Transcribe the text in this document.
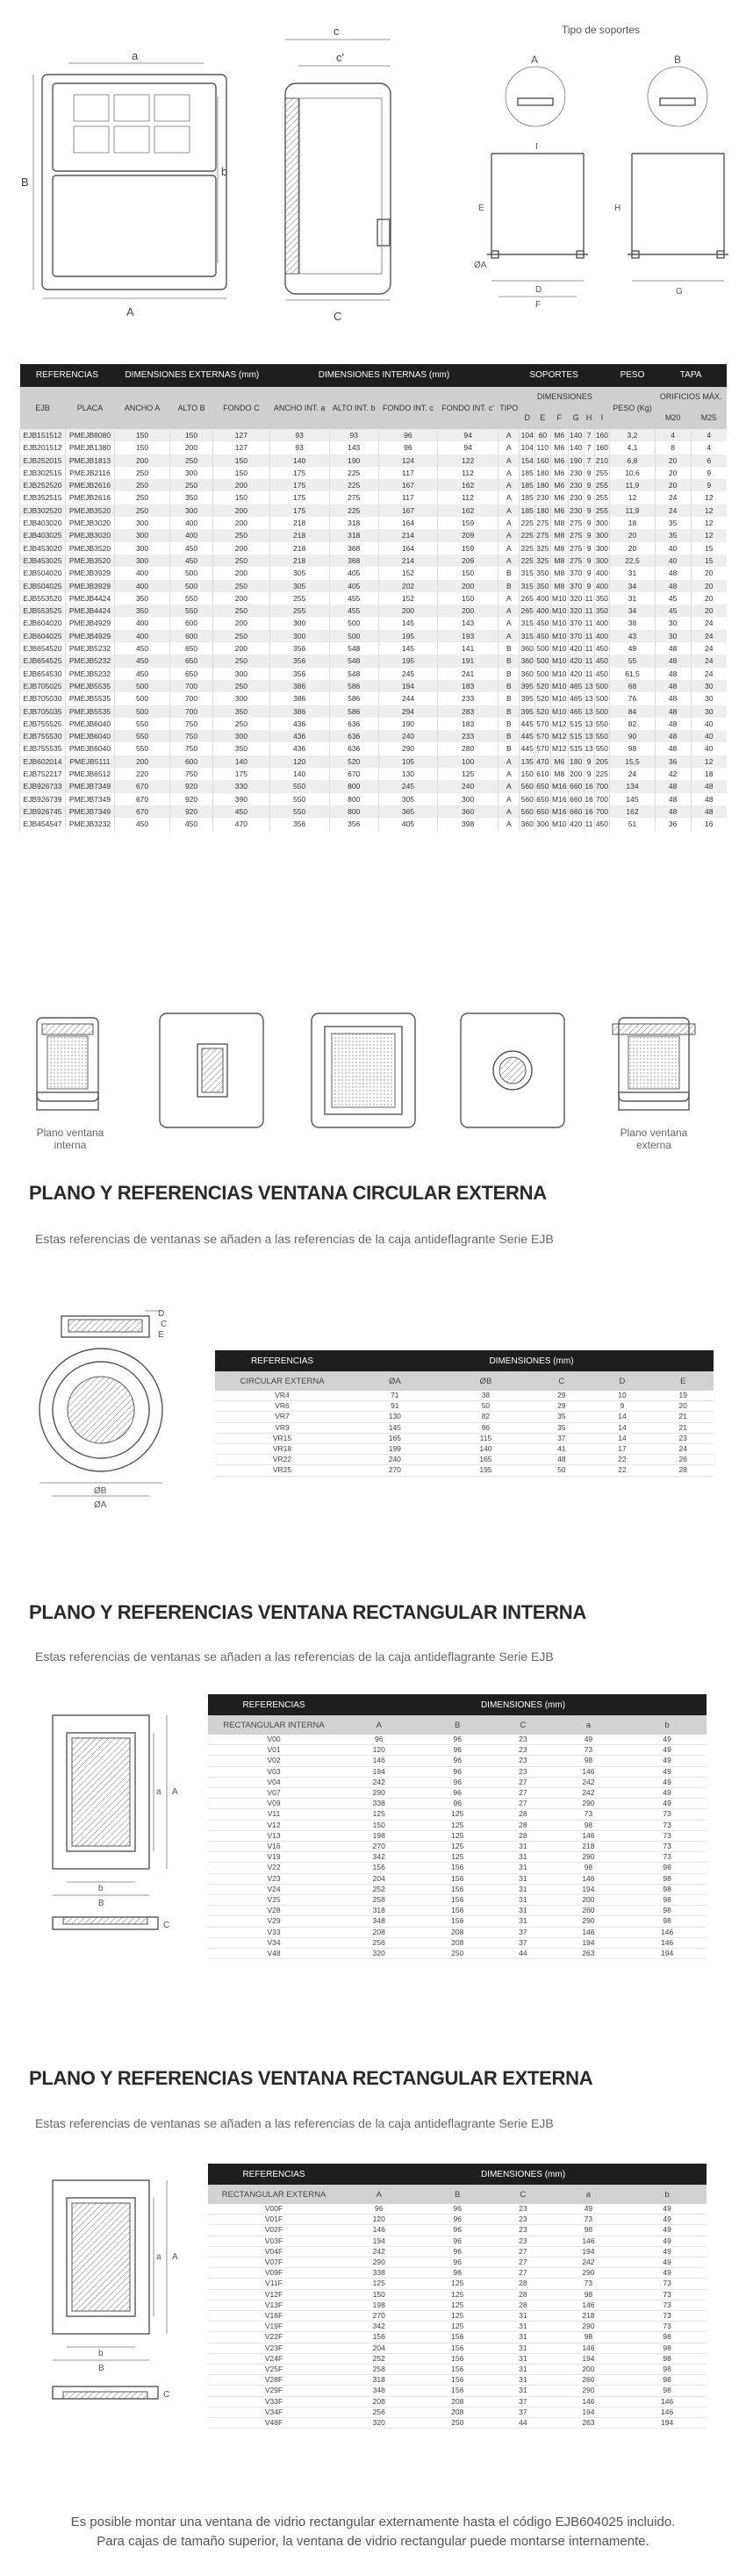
a
B
b
A
c
c'
C
Tipo de soportes
A	B
I
E
D
F
G
H
ØA
REFERENCIAS		DIMENSIONES EXTERNAS (mm)			DIMENSIONES INTERNAS (mm)				SOPORTES							PESO	TAPA	
EJB	PLACA	ANCHO A	ALTO B	FONDO C	ANCHO INT. a	ALTO INT. b	FONDO INT. c	FONDO INT. c'	TIPO	DIMENSIONES						PESO (Kg)	ORIFICIOS MÁX.	
										D	E	F	G	H	I		M20	M25
EJB151512	PMEJB8080	150	150	127	93	93	96	94	A	104	60	M6	140	7	160	3,2	4	4
EJB201512	PMEJB1380	150	200	127	93	143	96	94	A	104	110	M6	140	7	160	4,1	8	4
EJB252015	PMEJB1813	200	250	150	140	190	124	122	A	154	160	M6	190	7	210	6,8	20	6
EJB302515	PMEJB2116	250	300	150	175	225	117	112	A	185	180	M6	230	9	255	10,6	20	9
EJB252520	PMEJB2616	250	250	200	175	225	167	162	A	185	180	M6	230	9	255	11,9	20	9
EJB352515	PMEJB2616	250	350	150	175	275	117	112	A	185	230	M6	230	9	255	12	24	12
EJB302520	PMEJB3520	250	300	200	175	225	167	162	A	185	180	M6	230	9	255	11,9	24	12
EJB403020	PMEJB3020	300	400	200	218	318	164	159	A	225	275	M8	275	9	300	18	35	12
EJB403025	PMEJB3020	300	400	250	218	318	214	209	A	225	275	M8	275	9	300	20	35	12
EJB453020	PMEJB3520	300	450	200	218	368	164	159	A	225	325	M8	275	9	300	20	40	15
EJB453025	PMEJB3520	300	450	250	218	368	214	209	A	225	325	M8	275	9	300	22,5	40	15
EJB504020	PMEJB3929	400	500	200	305	405	152	150	B	315	350	M8	370	9	400	31	48	20
EJB504025	PMEJB3929	400	500	250	305	405	202	200	B	315	350	M8	370	9	400	34	48	20
EJB553520	PMEJB4424	350	550	200	255	455	152	150	A	265	400	M10	320	11	350	31	45	20
EJB553525	PMEJB4424	350	550	250	255	455	200	200	A	265	400	M10	320	11	350	34	45	20
EJB604020	PMEJB4929	400	600	200	300	500	145	143	A	315	450	M10	370	11	400	38	30	24
EJB604025	PMEJB4929	400	600	250	300	500	195	193	A	315	450	M10	370	11	400	43	30	24
EJB654520	PMEJB5232	450	650	200	356	548	145	141	B	360	500	M10	420	11	450	49	48	24
EJB654525	PMEJB5232	450	650	250	356	548	195	191	B	360	500	M10	420	11	450	55	48	24
EJB654530	PMEJB5232	450	650	300	356	548	245	241	B	360	500	M10	420	11	450	61,5	48	24
EJB705025	PMEJB5535	500	700	250	386	586	194	183	B	395	520	M10	465	13	500	68	48	30
EJB705030	PMEJB5535	500	700	300	386	586	244	233	B	395	520	M10	465	13	500	76	48	30
EJB705035	PMEJB5535	500	700	350	386	586	294	283	B	395	520	M10	465	13	500	84	48	30
EJB755525	PMEJB6040	550	750	250	436	636	190	183	B	445	570	M12	515	13	550	82	48	40
EJB755530	PMEJB6040	550	750	300	436	636	240	233	B	445	570	M12	515	13	550	90	48	40
EJB755535	PMEJB6040	550	750	350	436	636	290	280	B	445	570	M12	515	13	550	98	48	40
EJB602014	PMEJB5111	200	600	140	120	520	105	100	A	135	470	M6	180	9	205	15,5	36	12
EJB752217	PMEJB6512	220	750	175	140	670	130	125	A	150	610	M8	200	9	225	24	42	18
EJB926733	PMEJB7349	670	920	330	550	800	245	240	A	560	650	M16	660	16	700	134	48	48
EJB926739	PMEJB7349	670	920	390	550	800	305	300	A	560	650	M16	660	16	700	145	48	48
EJB926745	PMEJB7349	670	920	450	550	800	365	360	A	560	650	M16	660	16	700	162	48	48
EJB454547	PMEJB3232	450	450	470	356	356	405	398	A	360	300	M10	420	11	450	51	36	16
Plano ventana interna
Plano ventana externa
PLANO Y REFERENCIAS VENTANA CIRCULAR EXTERNA
Estas referencias de ventanas se añaden a las referencias de la caja antideflagrante Serie EJB
C
D
E
ØB
ØA
REFERENCIAS	DIMENSIONES (mm)				
CIRCULAR EXTERNA	ØA	ØB	C	D	E
VR4	71	38	29	10	19
VR6	91	50	29	9	20
VR7	130	82	35	14	21
VR9	145	96	35	14	21
VR15	165	115	37	14	23
VR18	199	140	41	17	24
VR22	240	165	48	22	26
VR25	270	195	50	22	28
PLANO Y REFERENCIAS VENTANA RECTANGULAR INTERNA
Estas referencias de ventanas se añaden a las referencias de la caja antideflagrante Serie EJB
A
a
b
B
C
REFERENCIAS	DIMENSIONES (mm)				
RECTANGULAR INTERNA	A	B	C	a	b
V00	96	96	23	49	49
V01	120	96	23	73	49
V02	146	96	23	98	49
V03	194	96	23	146	49
V04	242	96	27	242	49
V07	290	96	27	242	49
V09	338	96	27	290	49
V11	125	125	28	73	73
V12	150	125	28	98	73
V13	198	125	28	146	73
V16	270	125	31	218	73
V19	342	125	31	290	73
V22	156	156	31	98	98
V23	204	156	31	146	98
V24	252	156	31	194	98
V25	258	156	31	200	98
V28	318	156	31	260	98
V29	348	156	31	290	98
V33	208	208	37	146	146
V34	256	208	37	194	146
V48	320	250	44	263	194
PLANO Y REFERENCIAS VENTANA RECTANGULAR EXTERNA
Estas referencias de ventanas se añaden a las referencias de la caja antideflagrante Serie EJB
A
a
b
B
C
REFERENCIAS	DIMENSIONES (mm)				
RECTANGULAR EXTERNA	A	B	C	a	b
V00F	96	96	23	49	49
V01F	120	96	23	73	49
V02F	146	96	23	98	49
V03F	194	96	23	146	49
V04F	242	96	27	194	49
V07F	290	96	27	242	49
V09F	338	96	27	290	49
V11F	125	125	28	73	73
V12F	150	125	28	98	73
V13F	198	125	28	146	73
V16F	270	125	31	218	73
V19F	342	125	31	290	73
V22F	156	156	31	98	98
V23F	204	156	31	146	98
V24F	252	156	31	194	98
V25F	258	156	31	200	98
V28F	318	156	31	260	98
V29F	348	156	31	290	98
V33F	208	208	37	146	146
V34F	256	208	37	194	146
V48F	320	250	44	263	194
Es posible montar una ventana de vidrio rectangular externamente hasta el código EJB604025 incluido.
Para cajas de tamaño superior, la ventana de vidrio rectangular puede montarse internamente.
